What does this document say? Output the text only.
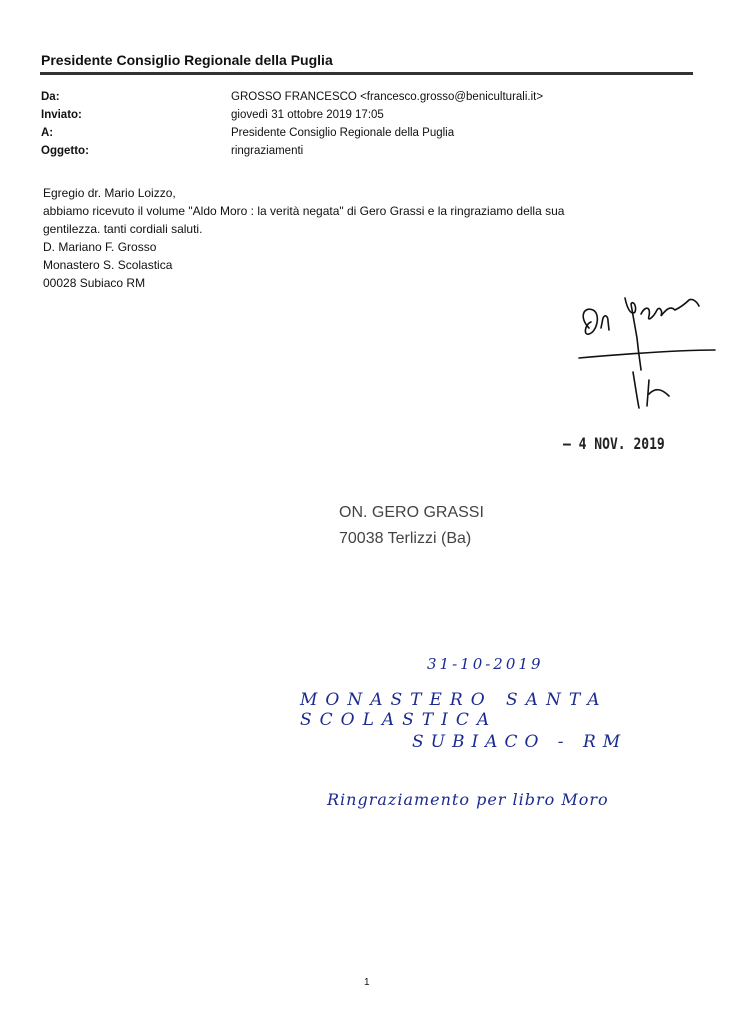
Presidente Consiglio Regionale della Puglia
Da:	GROSSO FRANCESCO <francesco.grosso@beniculturali.it>
Inviato:	giovedì 31 ottobre 2019 17:05
A:	Presidente Consiglio Regionale della Puglia
Oggetto:	ringraziamenti
Egregio dr. Mario Loizzo,
abbiamo ricevuto il volume "Aldo Moro : la verità negata" di Gero Grassi e la ringraziamo della sua
gentilezza. tanti cordiali saluti.
D. Mariano F. Grosso
Monastero S. Scolastica
00028 Subiaco RM	On. Grassi
– 4 NOV. 2019
ON. GERO GRASSI
70038 Terlizzi (Ba)
31-10-2019
MONASTERO SANTA SCOLASTICA
SUBIACO - RM
Ringraziamento per libro Moro
1
